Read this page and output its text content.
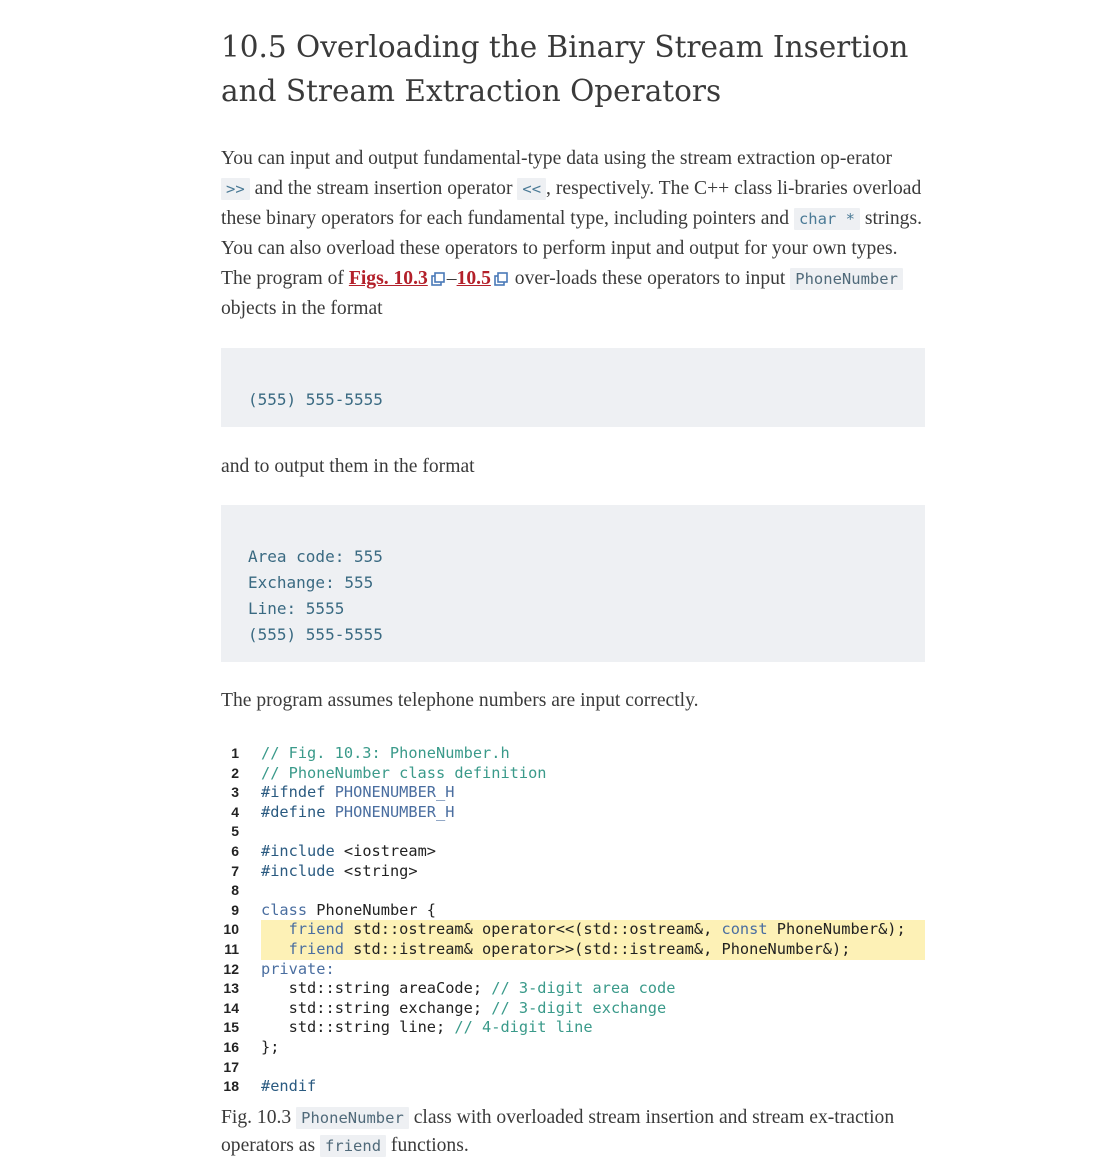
10.5 Overloading the Binary Stream Insertion and Stream Extraction Operators

You can input and output fundamental-type data using the stream extraction op-erator >> and the stream insertion operator << , respectively. The C++ class li-braries overload these binary operators for each fundamental type, including pointers and char * strings. You can also overload these operators to perform input and output for your own types. The program of Figs. 10.3 –10.5 over-loads these operators to input PhoneNumber objects in the format

(555) 555-5555

and to output them in the format

Area code: 555
Exchange: 555
Line: 5555
(555) 555-5555

The program assumes telephone numbers are input correctly.

1 // Fig. 10.3: PhoneNumber.h
2 // PhoneNumber class definition
3 #ifndef PHONENUMBER_H
4 #define PHONENUMBER_H
5
6 #include <iostream>
7 #include <string>
8
9 class PhoneNumber {
10	friend std::ostream& operator<<(std::ostream&, const PhoneNumber&);
11	friend std::istream& operator>>(std::istream&, PhoneNumber&);
12 private:
13	std::string areaCode; // 3-digit area code
14	std::string exchange; // 3-digit exchange
15	std::string line; // 4-digit line
16 };
17
18 #endif
Fig. 10.3 PhoneNumber class with overloaded stream insertion and stream ex-traction operators as friend functions.
